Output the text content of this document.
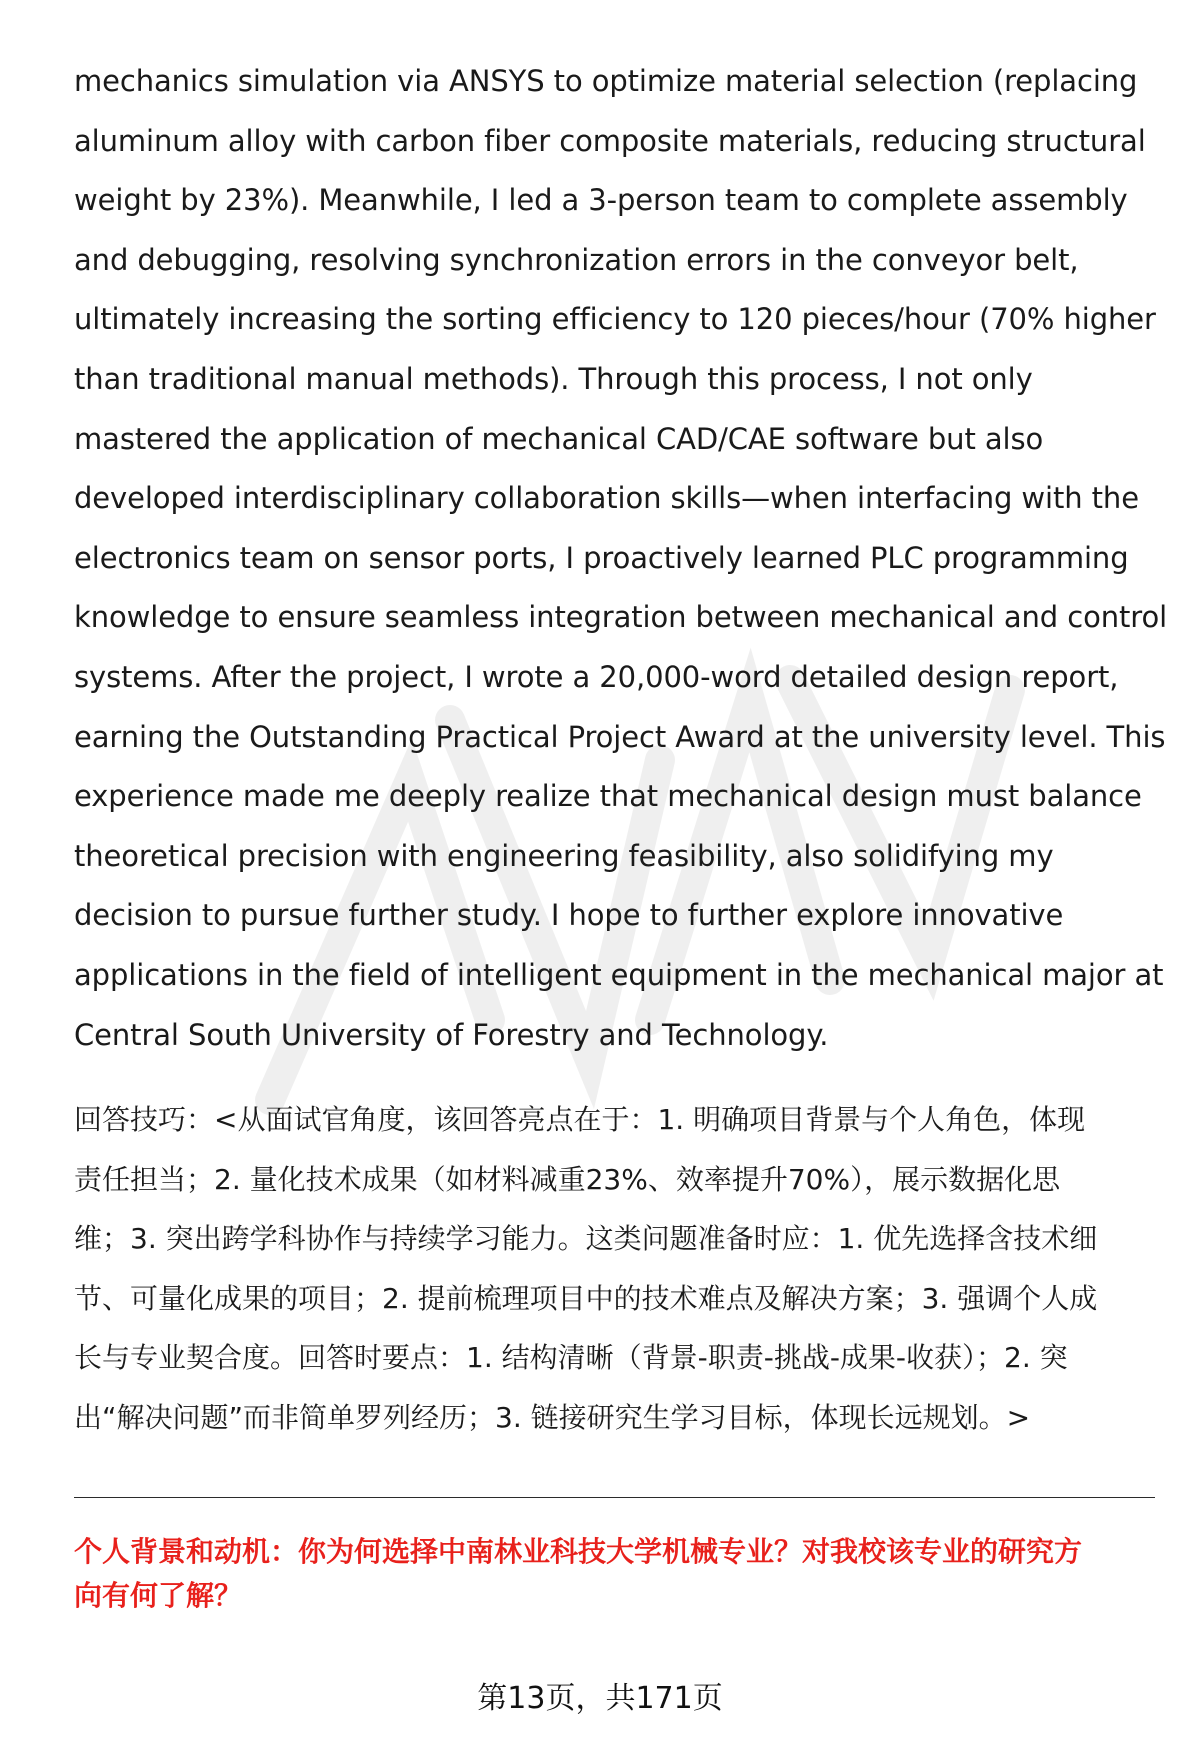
mechanics simulation via ANSYS to optimize material selection (replacing
aluminum alloy with carbon fiber composite materials, reducing structural
weight by 23%). Meanwhile, I led a 3-person team to complete assembly
and debugging, resolving synchronization errors in the conveyor belt,
ultimately increasing the sorting efficiency to 120 pieces/hour (70% higher
than traditional manual methods). Through this process, I not only
mastered the application of mechanical CAD/CAE software but also
developed interdisciplinary collaboration skills—when interfacing with the
electronics team on sensor ports, I proactively learned PLC programming
knowledge to ensure seamless integration between mechanical and control
systems. After the project, I wrote a 20,000-word detailed design report,
earning the Outstanding Practical Project Award at the university level. This
experience made me deeply realize that mechanical design must balance
theoretical precision with engineering feasibility, also solidifying my
decision to pursue further study. I hope to further explore innovative
applications in the field of intelligent equipment in the mechanical major at
Central South University of Forestry and Technology.
回答技巧：<从面试官角度，该回答亮点在于：1. 明确项目背景与个人角色，体现
责任担当；2. 量化技术成果（如材料减重23%、效率提升70%），展示数据化思
维；3. 突出跨学科协作与持续学习能力。这类问题准备时应：1. 优先选择含技术细
节、可量化成果的项目；2. 提前梳理项目中的技术难点及解决方案；3. 强调个人成
长与专业契合度。回答时要点：1. 结构清晰（背景-职责-挑战-成果-收获）；2. 突
出“解决问题”而非简单罗列经历；3. 链接研究生学习目标，体现长远规划。>
个人背景和动机：你为何选择中南林业科技大学机械专业？对我校该专业的研究方
向有何了解？
第13页，共171页
